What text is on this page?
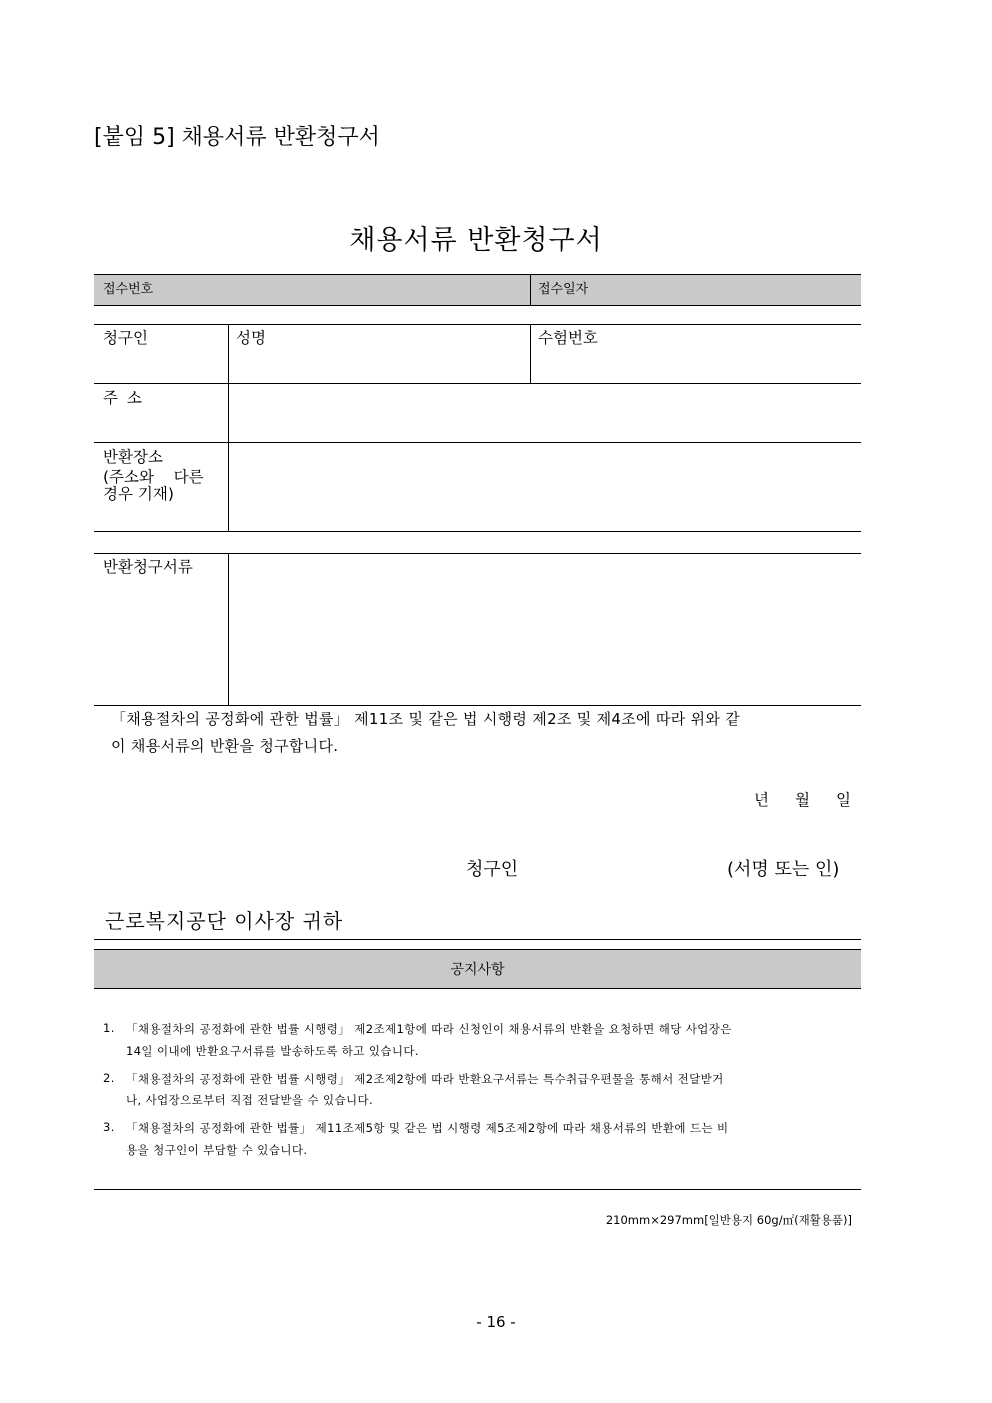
[붙임 5] 채용서류 반환청구서
채용서류 반환청구서
접수번호	접수일자
청구인	성명	수험번호
주 소
반환장소
(주소와    다른
경우 기재)
반환청구서류
「채용절차의 공정화에 관한 법률」 제11조 및 같은 법 시행령 제2조 및 제4조에 따라 위와 같
이 채용서류의 반환을 청구합니다.
년 월 일
청구인	(서명 또는 인)
근로복지공단 이사장 귀하
공지사항
1. 「채용절차의 공정화에 관한 법률 시행령」 제2조제1항에 따라 신청인이 채용서류의 반환을 요청하면 해당 사업장은
14일 이내에 반환요구서류를 발송하도록 하고 있습니다.
2. 「채용절차의 공정화에 관한 법률 시행령」 제2조제2항에 따라 반환요구서류는 특수취급우편물을 통해서 전달받거
나, 사업장으로부터 직접 전달받을 수 있습니다.
3. 「채용절차의 공정화에 관한 법률」 제11조제5항 및 같은 법 시행령 제5조제2항에 따라 채용서류의 반환에 드는 비
용을 청구인이 부담할 수 있습니다.
210mm×297mm[일반용지 60g/㎡(재활용품)]
- 16 -
